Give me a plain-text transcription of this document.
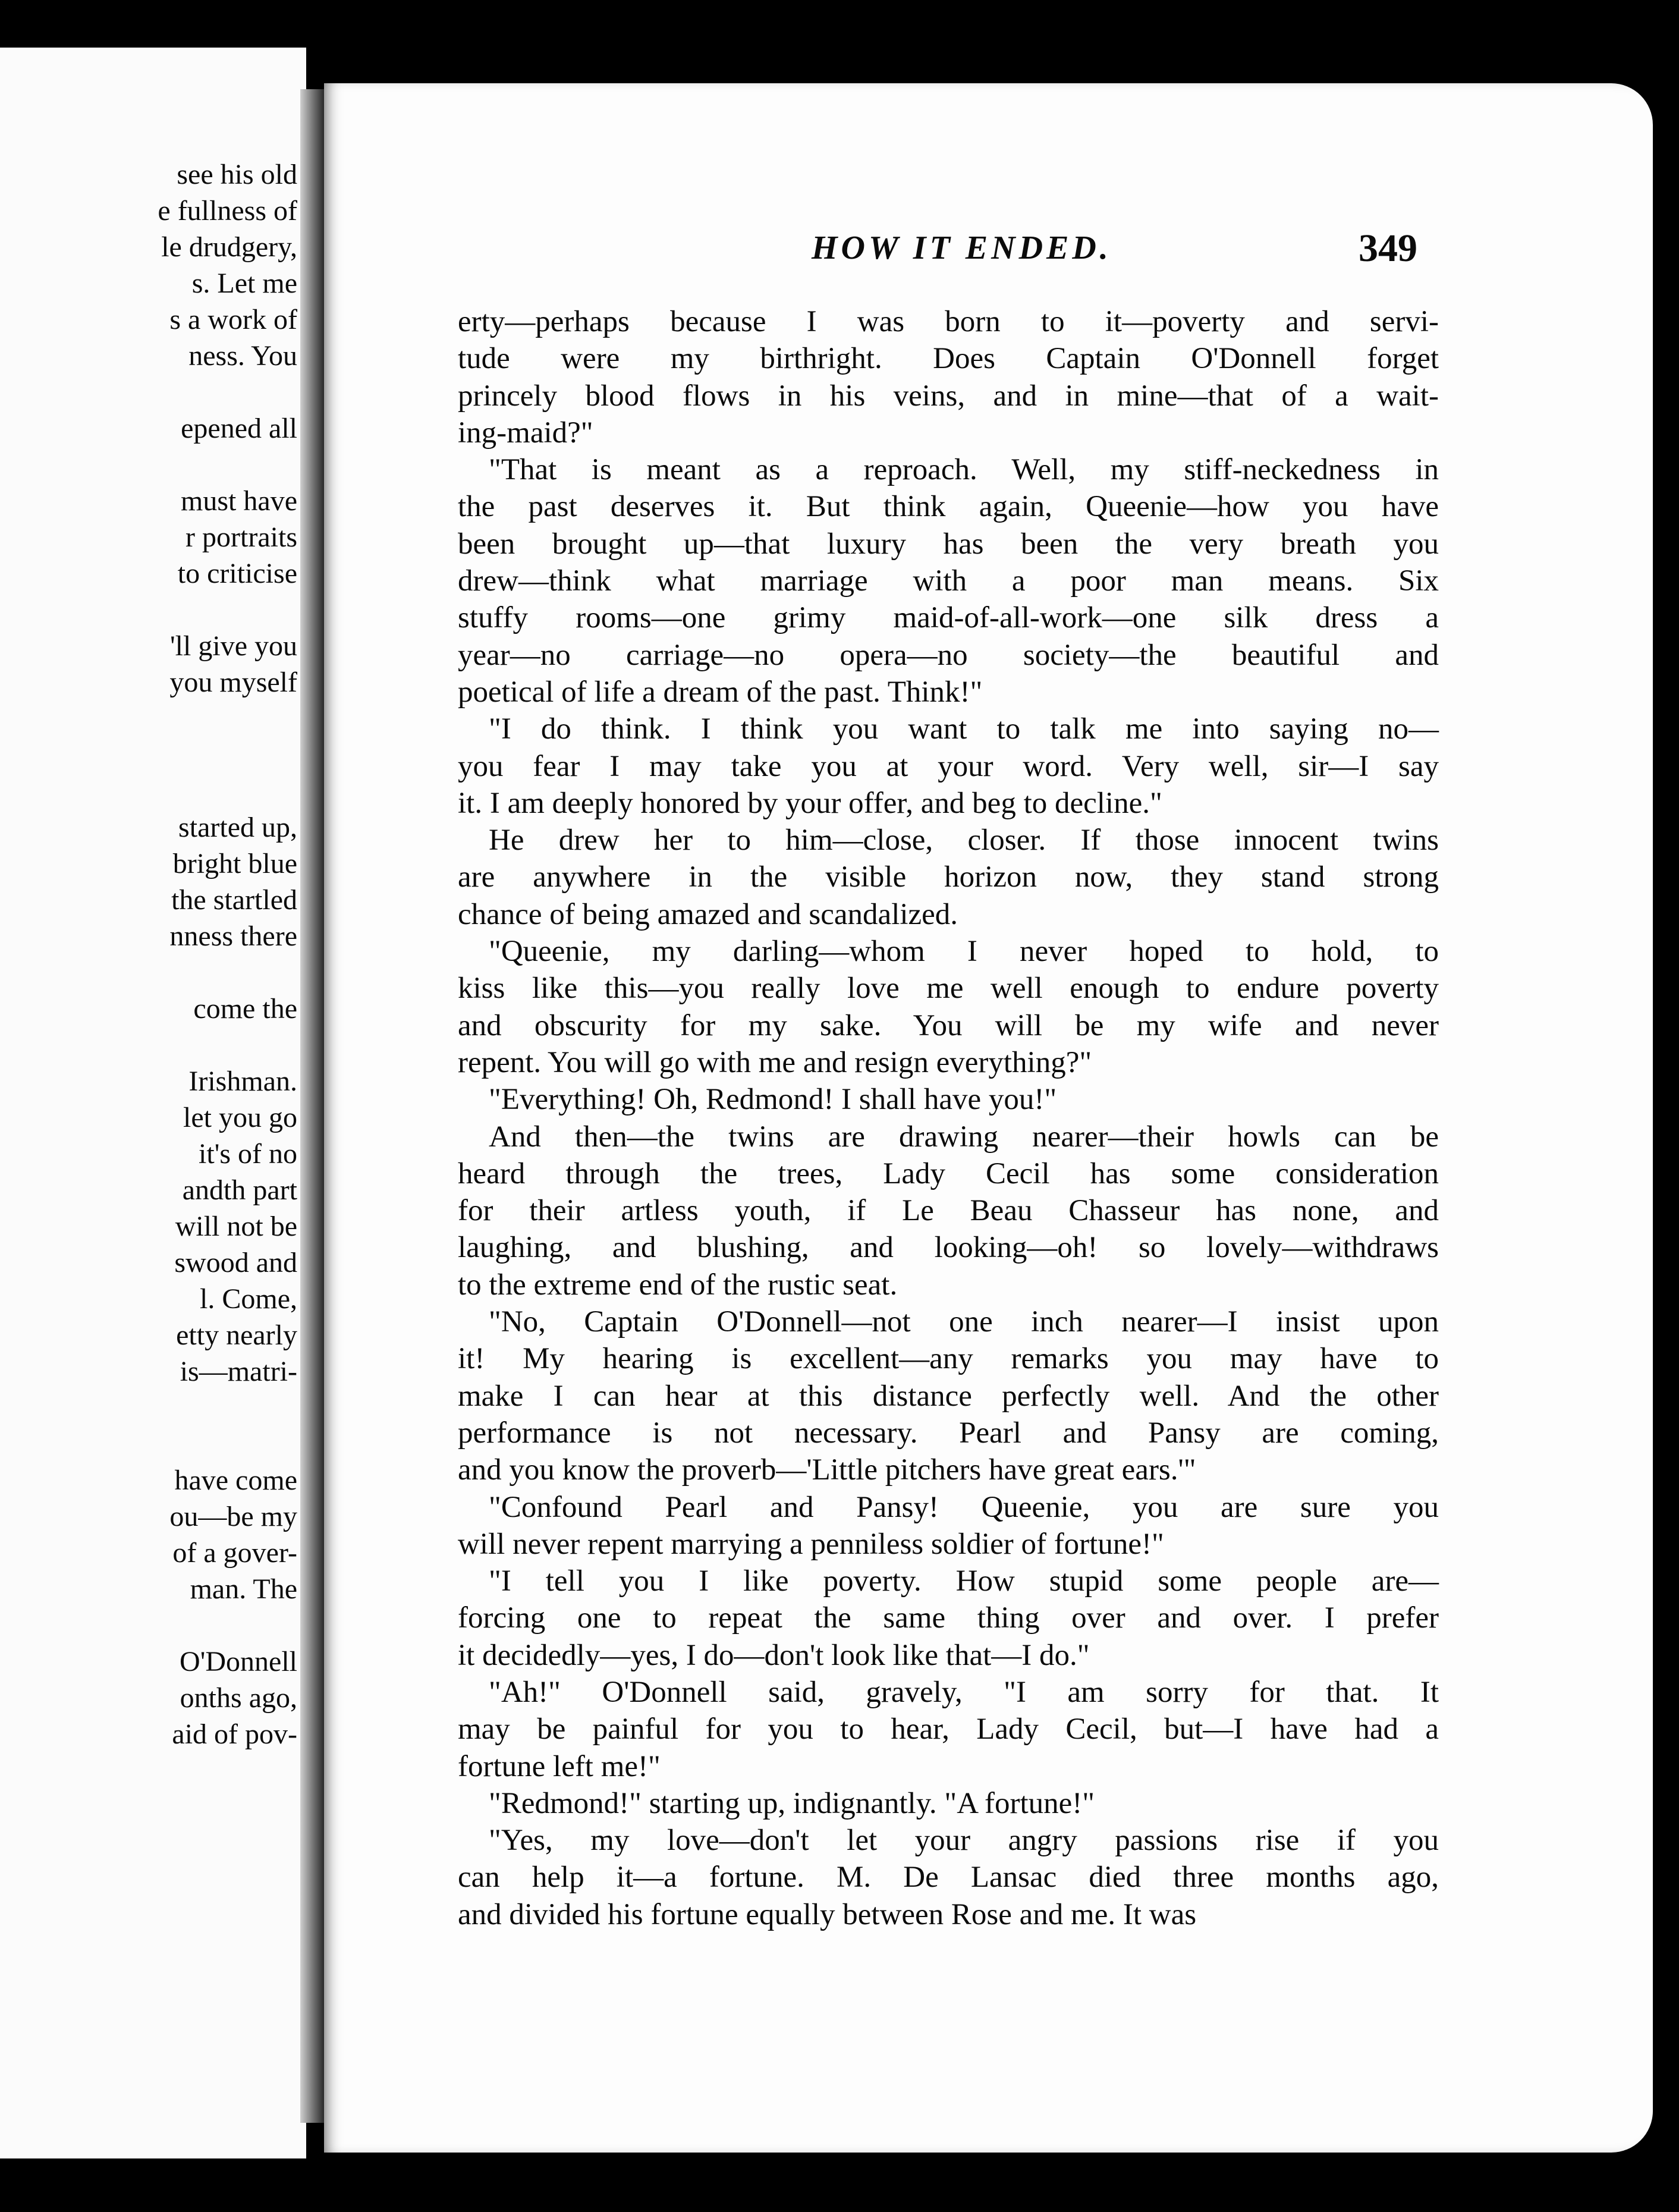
see his old
e fullness of
le drudgery,
s. Let me
s a work of
ness. You
epened all
must have
r portraits
to criticise
'll give you
you myself
started up,
bright blue
the startled
nness there
come the
Irishman.
let you go
it's of no
andth part
will not be
swood and
l. Come,
etty nearly
is—matri-
have come
ou—be my
of a gover-
man. The
O'Donnell
onths ago,
aid of pov-
HOW IT ENDED.	349
erty—perhaps because I was born to it—poverty and servi-
tude were my birthright. Does Captain O'Donnell forget
princely blood flows in his veins, and in mine—that of a wait-
ing-maid?"
"That is meant as a reproach. Well, my stiff-neckedness in
the past deserves it. But think again, Queenie—how you have
been brought up—that luxury has been the very breath you
drew—think what marriage with a poor man means. Six
stuffy rooms—one grimy maid-of-all-work—one silk dress a
year—no carriage—no opera—no society—the beautiful and
poetical of life a dream of the past. Think!"
"I do think. I think you want to talk me into saying no—
you fear I may take you at your word. Very well, sir—I say
it. I am deeply honored by your offer, and beg to decline."
He drew her to him—close, closer. If those innocent twins
are anywhere in the visible horizon now, they stand strong
chance of being amazed and scandalized.
"Queenie, my darling—whom I never hoped to hold, to
kiss like this—you really love me well enough to endure poverty
and obscurity for my sake. You will be my wife and never
repent. You will go with me and resign everything?"
"Everything! Oh, Redmond! I shall have you!"
And then—the twins are drawing nearer—their howls can be
heard through the trees, Lady Cecil has some consideration
for their artless youth, if Le Beau Chasseur has none, and
laughing, and blushing, and looking—oh! so lovely—withdraws
to the extreme end of the rustic seat.
"No, Captain O'Donnell—not one inch nearer—I insist upon
it! My hearing is excellent—any remarks you may have to
make I can hear at this distance perfectly well. And the other
performance is not necessary. Pearl and Pansy are coming,
and you know the proverb—'Little pitchers have great ears.'"
"Confound Pearl and Pansy! Queenie, you are sure you
will never repent marrying a penniless soldier of fortune!"
"I tell you I like poverty. How stupid some people are—
forcing one to repeat the same thing over and over. I prefer
it decidedly—yes, I do—don't look like that—I do."
"Ah!" O'Donnell said, gravely, "I am sorry for that. It
may be painful for you to hear, Lady Cecil, but—I have had a
fortune left me!"
"Redmond!" starting up, indignantly. "A fortune!"
"Yes, my love—don't let your angry passions rise if you
can help it—a fortune. M. De Lansac died three months ago,
and divided his fortune equally between Rose and me. It was
